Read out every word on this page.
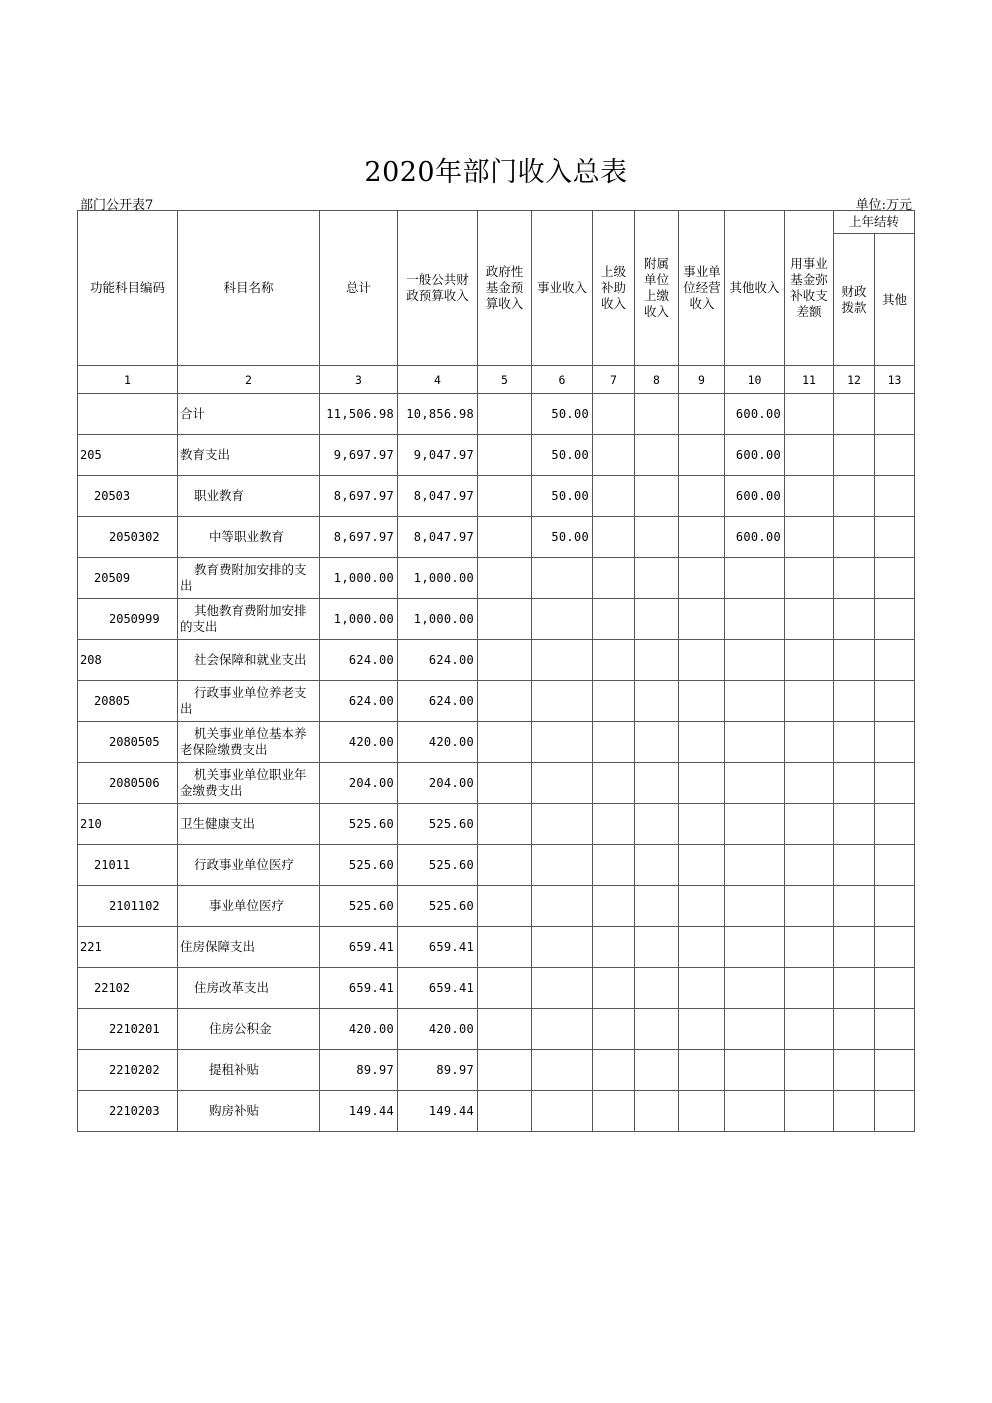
2020年部门收入总表
部门公开表7	单位:万元
功能科目编码	科目名称	总计	一般公共财政预算收入	政府性基金预算收入	事业收入	上级补助收入	附属单位上缴收入	事业单位经营收入	其他收入	用事业基金弥补收支差额	上年结转	
											财政拨款	其他
1	2	3	4	5	6	7	8	9	10	11	12	13
	合计	11,506.98	10,856.98		50.00				600.00			
205	教育支出	9,697.97	9,047.97		50.00				600.00			
20503	职业教育	8,697.97	8,047.97		50.00				600.00			
2050302	中等职业教育	8,697.97	8,047.97		50.00				600.00			
20509	教育费附加安排的支出	1,000.00	1,000.00									
2050999	其他教育费附加安排的支出	1,000.00	1,000.00									
208	社会保障和就业支出	624.00	624.00									
20805	行政事业单位养老支出	624.00	624.00									
2080505	机关事业单位基本养老保险缴费支出	420.00	420.00									
2080506	机关事业单位职业年金缴费支出	204.00	204.00									
210	卫生健康支出	525.60	525.60									
21011	行政事业单位医疗	525.60	525.60									
2101102	事业单位医疗	525.60	525.60									
221	住房保障支出	659.41	659.41									
22102	住房改革支出	659.41	659.41									
2210201	住房公积金	420.00	420.00									
2210202	提租补贴	89.97	89.97									
2210203	购房补贴	149.44	149.44									
